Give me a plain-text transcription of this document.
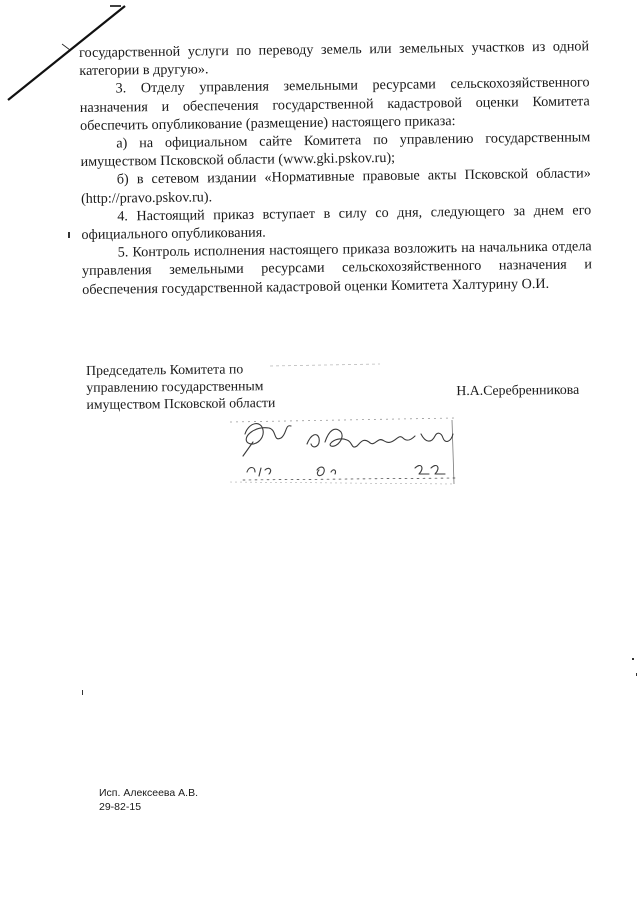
государственной услуги по переводу земель или земельных участков из одной категории в другую».

3. Отделу управления земельными ресурсами сельскохозяйственного назначения и обеспечения государственной кадастровой оценки Комитета обеспечить опубликование (размещение) настоящего приказа:

а) на официальном сайте Комитета по управлению государственным имуществом Псковской области (www.gki.pskov.ru);

б) в сетевом издании «Нормативные правовые акты Псковской области» (http://pravo.pskov.ru).

4. Настоящий приказ вступает в силу со дня, следующего за днем его официального опубликования.

5. Контроль исполнения настоящего приказа возложить на начальника отдела управления земельными ресурсами сельскохозяйственного назначения и обеспечения государственной кадастровой оценки Комитета Халтурину О.И.

Председатель Комитета по
управлению государственным
имуществом Псковской области
Н.А.Серебренникова
Исп. Алексеева А.В.
29-82-15
